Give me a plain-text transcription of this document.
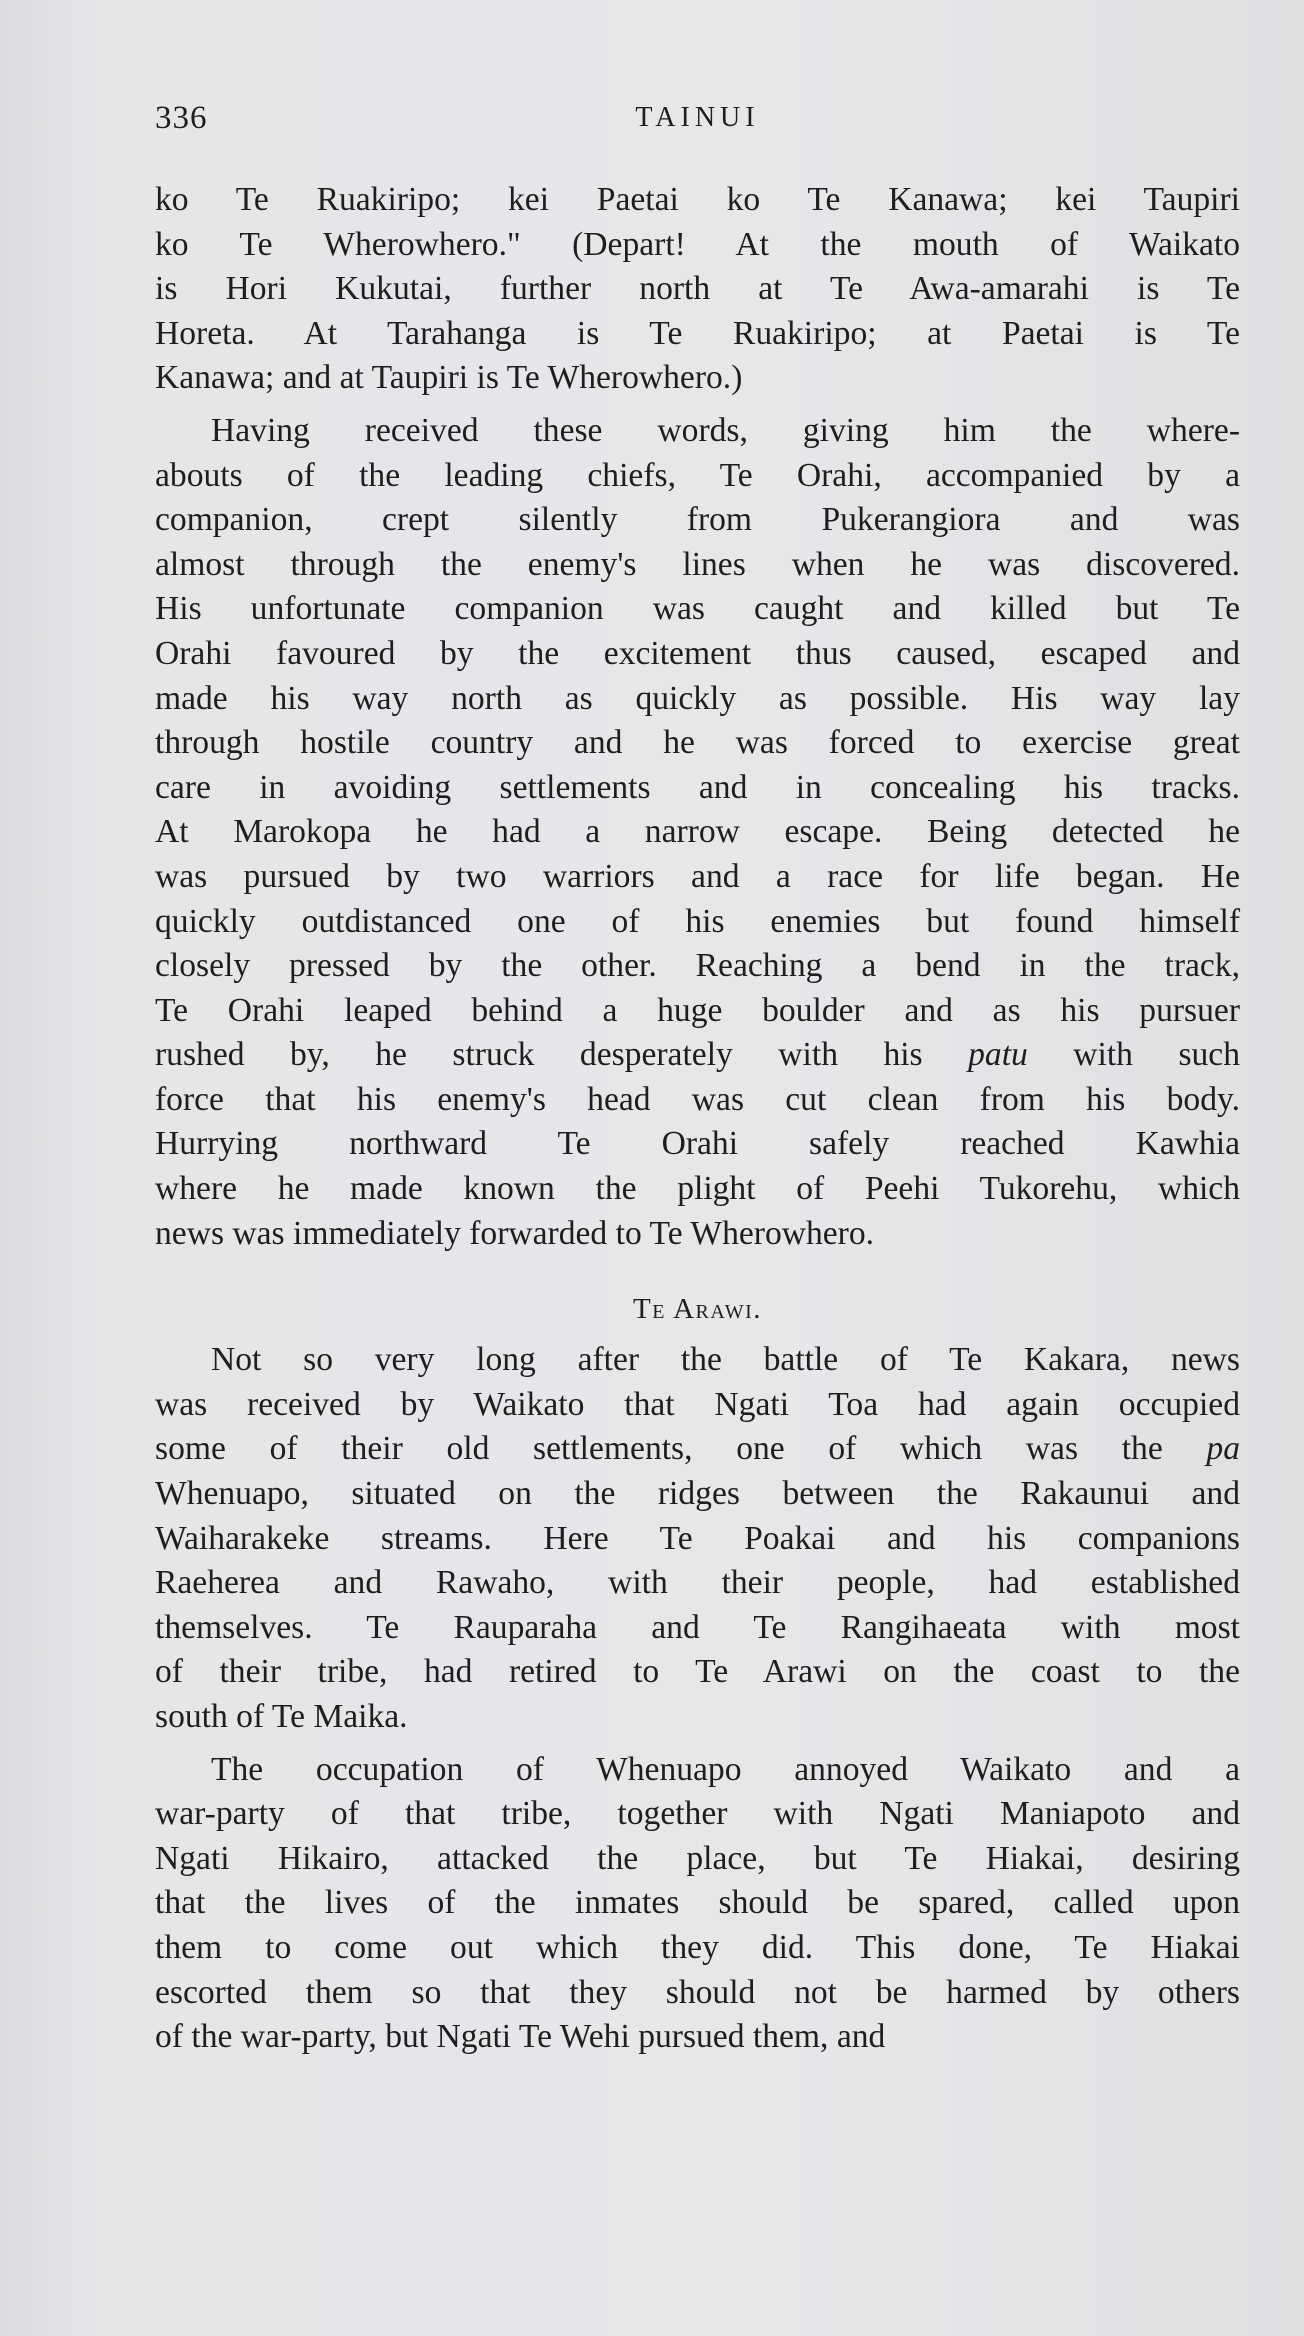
336	TAINUI
ko Te Ruakiripo; kei Paetai ko Te Kanawa; kei Taupiri
ko Te Wherowhero." (Depart! At the mouth of Waikato
is Hori Kukutai, further north at Te Awa-amarahi is Te
Horeta. At Tarahanga is Te Ruakiripo; at Paetai is Te
Kanawa; and at Taupiri is Te Wherowhero.)
Having received these words, giving him the where-
abouts of the leading chiefs, Te Orahi, accompanied by a
companion, crept silently from Pukerangiora and was
almost through the enemy's lines when he was discovered.
His unfortunate companion was caught and killed but Te
Orahi favoured by the excitement thus caused, escaped and
made his way north as quickly as possible. His way lay
through hostile country and he was forced to exercise great
care in avoiding settlements and in concealing his tracks.
At Marokopa he had a narrow escape. Being detected he
was pursued by two warriors and a race for life began. He
quickly outdistanced one of his enemies but found himself
closely pressed by the other. Reaching a bend in the track,
Te Orahi leaped behind a huge boulder and as his pursuer
rushed by, he struck desperately with his patu with such
force that his enemy's head was cut clean from his body.
Hurrying northward Te Orahi safely reached Kawhia
where he made known the plight of Peehi Tukorehu, which
news was immediately forwarded to Te Wherowhero.
Te Arawi.
Not so very long after the battle of Te Kakara, news
was received by Waikato that Ngati Toa had again occupied
some of their old settlements, one of which was the pa
Whenuapo, situated on the ridges between the Rakaunui and
Waiharakeke streams. Here Te Poakai and his companions
Raeherea and Rawaho, with their people, had established
themselves. Te Rauparaha and Te Rangihaeata with most
of their tribe, had retired to Te Arawi on the coast to the
south of Te Maika.
The occupation of Whenuapo annoyed Waikato and a
war-party of that tribe, together with Ngati Maniapoto and
Ngati Hikairo, attacked the place, but Te Hiakai, desiring
that the lives of the inmates should be spared, called upon
them to come out which they did. This done, Te Hiakai
escorted them so that they should not be harmed by others
of the war-party, but Ngati Te Wehi pursued them, and
